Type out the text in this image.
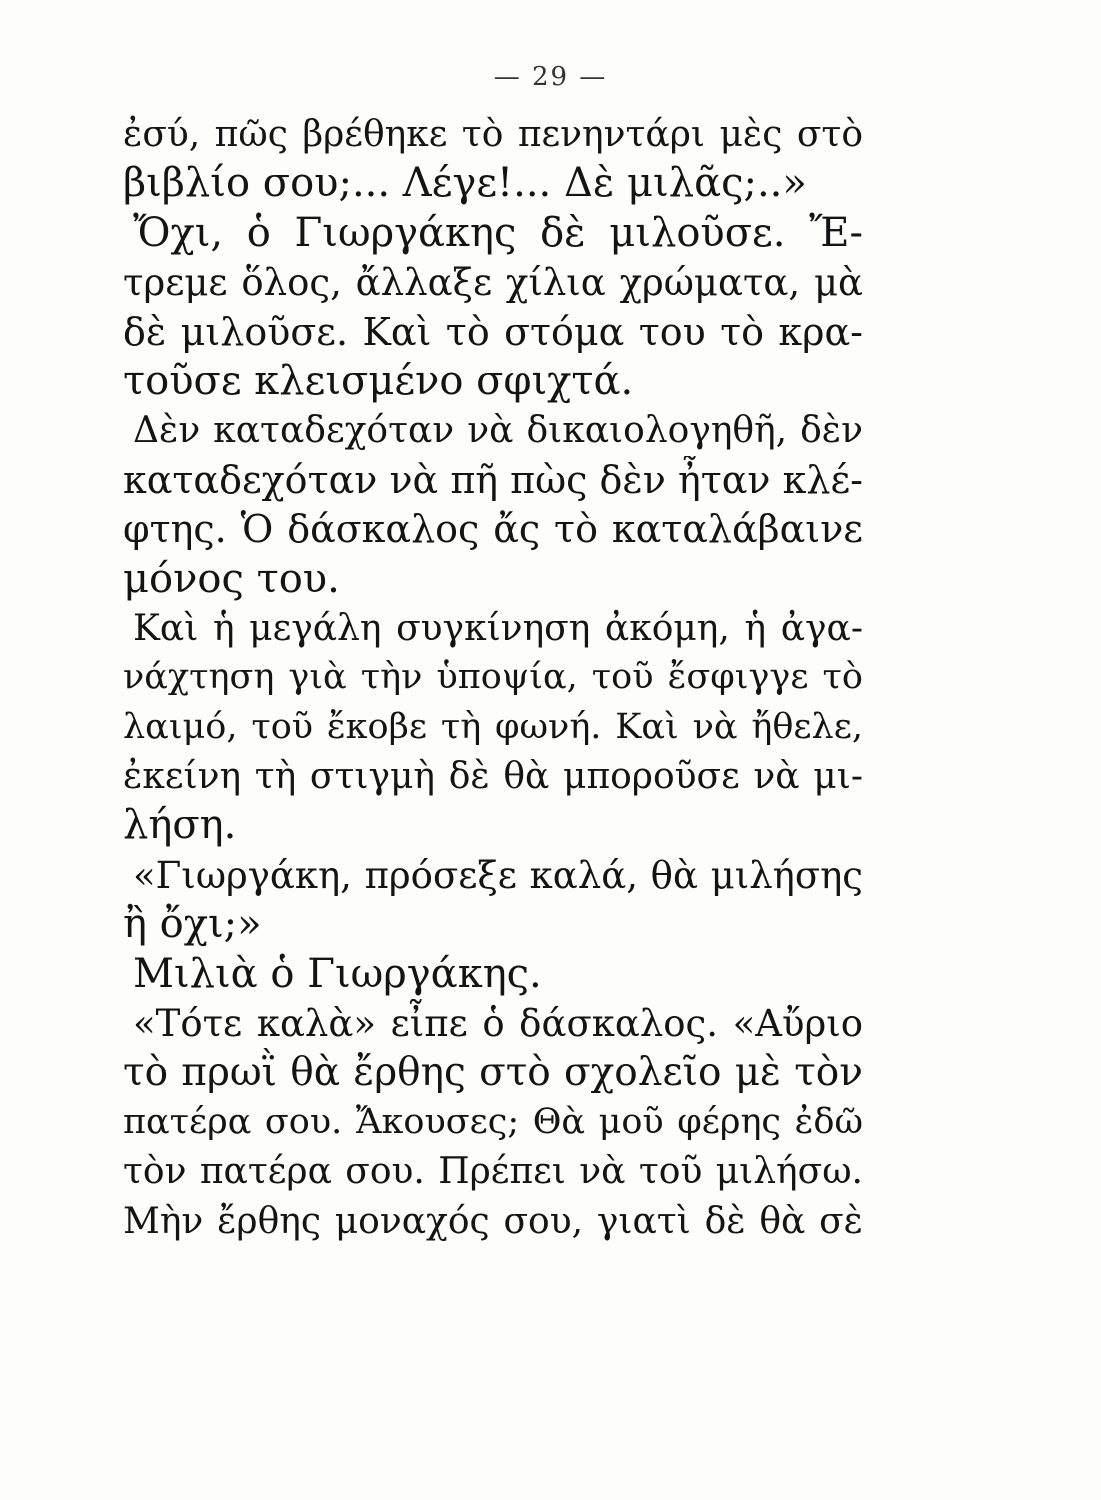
— 29 —
ἐσύ, πῶς βρέθηκε τὸ πενηντάρι μὲς στὸ
βιβλίο σου;... Λέγε!... Δὲ μιλᾶς;..»
Ὄχι, ὁ Γιωργάκης δὲ μιλοῦσε. Ἔ-
τρεμε ὅλος, ἄλλαξε χίλια χρώματα, μὰ
δὲ μιλοῦσε. Καὶ τὸ στόμα του τὸ κρα-
τοῦσε κλεισμένο σφιχτά.
Δὲν καταδεχόταν νὰ δικαιολογηθῆ, δὲν
καταδεχόταν νὰ πῆ πὼς δὲν ἦταν κλέ-
φτης. Ὁ δάσκαλος ἄς τὸ καταλάβαινε
μόνος του.
Καὶ ἡ μεγάλη συγκίνηση ἀκόμη, ἡ ἀγα-
νάχτηση γιὰ τὴν ὑποψία, τοῦ ἔσφιγγε τὸ
λαιμό, τοῦ ἔκοβε τὴ φωνή. Καὶ νὰ ἤθελε,
ἐκείνη τὴ στιγμὴ δὲ θὰ μποροῦσε νὰ μι-
λήση.
«Γιωργάκη, πρόσεξε καλά, θὰ μιλήσης
ἢ ὄχι;»
Μιλιὰ ὁ Γιωργάκης.
«Τότε καλὰ» εἶπε ὁ δάσκαλος. «Αὔριο
τὸ πρωῒ θὰ ἔρθης στὸ σχολεῖο μὲ τὸν
πατέρα σου. Ἄκουσες; Θὰ μοῦ φέρης ἐδῶ
τὸν πατέρα σου. Πρέπει νὰ τοῦ μιλήσω.
Μὴν ἔρθης μοναχός σου, γιατὶ δὲ θὰ σὲ
